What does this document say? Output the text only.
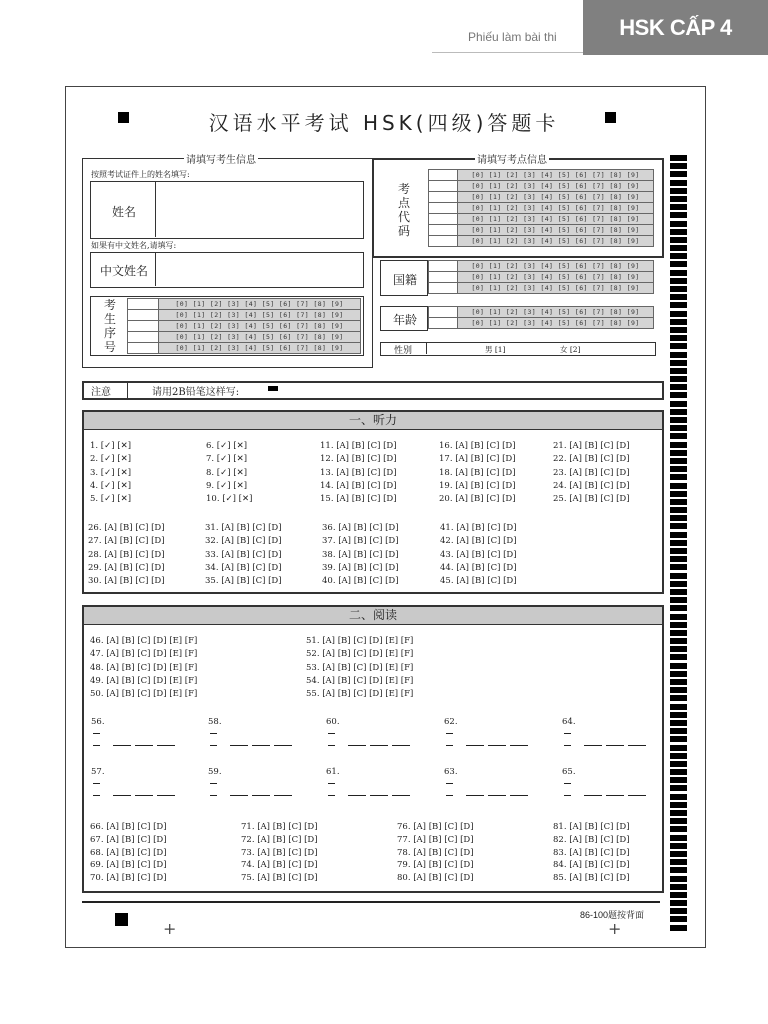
Phiếu làm bài thi	HSK CẤP 4
汉语水平考试 HSK(四级)答题卡
请填写考生信息
按照考试证件上的姓名填写:
姓名
如果有中文姓名,请填写:
中文姓名
考
生
序
号
	[0] [1] [2] [3] [4] [5] [6] [7] [8] [9]
	[0] [1] [2] [3] [4] [5] [6] [7] [8] [9]
	[0] [1] [2] [3] [4] [5] [6] [7] [8] [9]
	[0] [1] [2] [3] [4] [5] [6] [7] [8] [9]
	[0] [1] [2] [3] [4] [5] [6] [7] [8] [9]
请填写考点信息
考
点
代
码
	[0] [1] [2] [3] [4] [5] [6] [7] [8] [9]
	[0] [1] [2] [3] [4] [5] [6] [7] [8] [9]
	[0] [1] [2] [3] [4] [5] [6] [7] [8] [9]
	[0] [1] [2] [3] [4] [5] [6] [7] [8] [9]
	[0] [1] [2] [3] [4] [5] [6] [7] [8] [9]
	[0] [1] [2] [3] [4] [5] [6] [7] [8] [9]
	[0] [1] [2] [3] [4] [5] [6] [7] [8] [9]
国籍
	[0] [1] [2] [3] [4] [5] [6] [7] [8] [9]
	[0] [1] [2] [3] [4] [5] [6] [7] [8] [9]
	[0] [1] [2] [3] [4] [5] [6] [7] [8] [9]
年龄
	[0] [1] [2] [3] [4] [5] [6] [7] [8] [9]
	[0] [1] [2] [3] [4] [5] [6] [7] [8] [9]
性别	男 [1]	女 [2]
注意	请用2B铅笔这样写:
一、听力
1. [✓] [✕]
2. [✓] [✕]
3. [✓] [✕]
4. [✓] [✕]
5. [✓] [✕]
6. [✓] [✕]
7. [✓] [✕]
8. [✓] [✕]
9. [✓] [✕]
10. [✓] [✕]
11. [A] [B] [C] [D]
12. [A] [B] [C] [D]
13. [A] [B] [C] [D]
14. [A] [B] [C] [D]
15. [A] [B] [C] [D]
16. [A] [B] [C] [D]
17. [A] [B] [C] [D]
18. [A] [B] [C] [D]
19. [A] [B] [C] [D]
20. [A] [B] [C] [D]
21. [A] [B] [C] [D]
22. [A] [B] [C] [D]
23. [A] [B] [C] [D]
24. [A] [B] [C] [D]
25. [A] [B] [C] [D]
26. [A] [B] [C] [D]
27. [A] [B] [C] [D]
28. [A] [B] [C] [D]
29. [A] [B] [C] [D]
30. [A] [B] [C] [D]
31. [A] [B] [C] [D]
32. [A] [B] [C] [D]
33. [A] [B] [C] [D]
34. [A] [B] [C] [D]
35. [A] [B] [C] [D]
36. [A] [B] [C] [D]
37. [A] [B] [C] [D]
38. [A] [B] [C] [D]
39. [A] [B] [C] [D]
40. [A] [B] [C] [D]
41. [A] [B] [C] [D]
42. [A] [B] [C] [D]
43. [A] [B] [C] [D]
44. [A] [B] [C] [D]
45. [A] [B] [C] [D]
二、阅读
46. [A] [B] [C] [D] [E] [F]
47. [A] [B] [C] [D] [E] [F]
48. [A] [B] [C] [D] [E] [F]
49. [A] [B] [C] [D] [E] [F]
50. [A] [B] [C] [D] [E] [F]
51. [A] [B] [C] [D] [E] [F]
52. [A] [B] [C] [D] [E] [F]
53. [A] [B] [C] [D] [E] [F]
54. [A] [B] [C] [D] [E] [F]
55. [A] [B] [C] [D] [E] [F]
66. [A] [B] [C] [D]
67. [A] [B] [C] [D]
68. [A] [B] [C] [D]
69. [A] [B] [C] [D]
70. [A] [B] [C] [D]
71. [A] [B] [C] [D]
72. [A] [B] [C] [D]
73. [A] [B] [C] [D]
74. [A] [B] [C] [D]
75. [A] [B] [C] [D]
76. [A] [B] [C] [D]
77. [A] [B] [C] [D]
78. [A] [B] [C] [D]
79. [A] [B] [C] [D]
80. [A] [B] [C] [D]
81. [A] [B] [C] [D]
82. [A] [B] [C] [D]
83. [A] [B] [C] [D]
84. [A] [B] [C] [D]
85. [A] [B] [C] [D]
56.	58.	60.	62.	64.
57.	59.	61.	63.	65.
86-100题按背面
+	+
